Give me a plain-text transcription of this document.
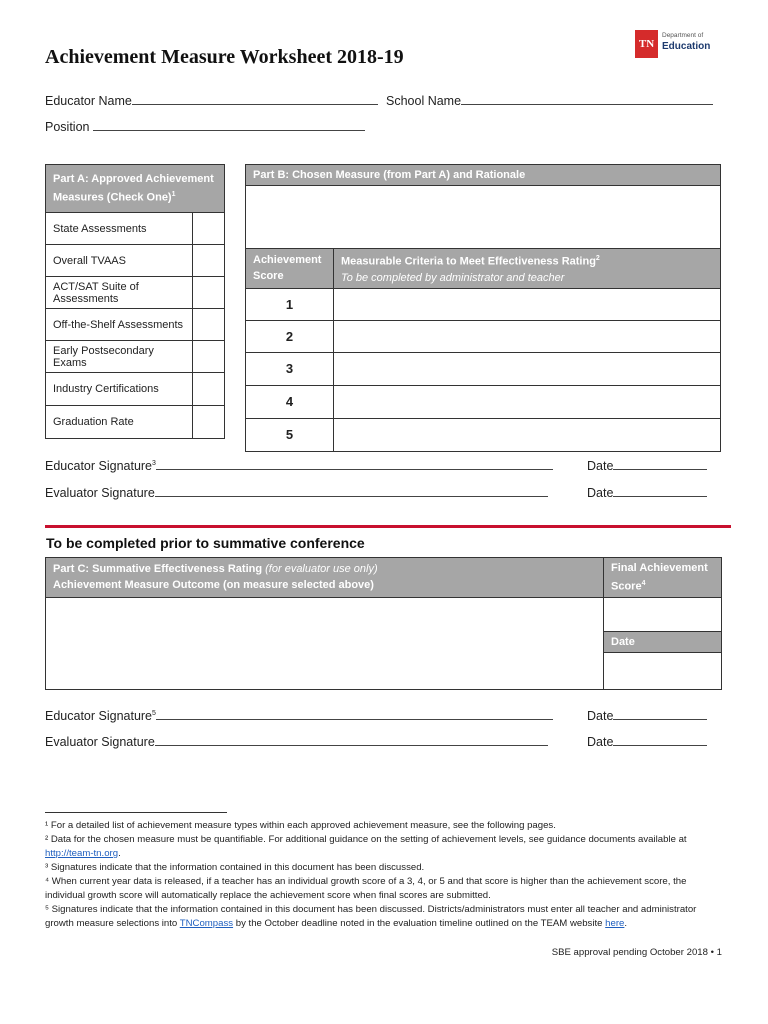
Achievement Measure Worksheet 2018-19
TN
Department of
Education
Educator Name	School Name
Position
Part A: Approved Achievement Measures (Check One)$^1$
State Assessments	
Overall TVAAS	
ACT/SAT Suite of Assessments	
Off-the-Shelf Assessments	
Early Postsecondary Exams	
Industry Certifications	
Graduation Rate	
Part B: Chosen Measure (from Part A) and Rationale	

Achievement Score	Measurable Criteria to Meet Effectiveness Rating$^2$
To be completed by administrator and teacher

1	
2	
3	
4	
5	
Educator Signature$^3$	Date
Evaluator Signature	Date
To be completed prior to summative conference
Part C: Summative Effectiveness Rating (for evaluator use only)
Achievement Measure Outcome (on measure selected above)	Final Achievement Score$^4$

	Date

Educator Signature$^5$	Date
Evaluator Signature	Date
¹ For a detailed list of achievement measure types within each approved achievement measure, see the following pages.
² Data for the chosen measure must be quantifiable. For additional guidance on the setting of achievement levels, see guidance documents available at http://team-tn.org.
³ Signatures indicate that the information contained in this document has been discussed.
⁴ When current year data is released, if a teacher has an individual growth score of a 3, 4, or 5 and that score is higher than the achievement score, the individual growth score will automatically replace the achievement score when final scores are submitted.
⁵ Signatures indicate that the information contained in this document has been discussed. Districts/administrators must enter all teacher and administrator growth measure selections into TNCompass by the October deadline noted in the evaluation timeline outlined on the TEAM website here.
SBE approval pending October 2018 • 1
